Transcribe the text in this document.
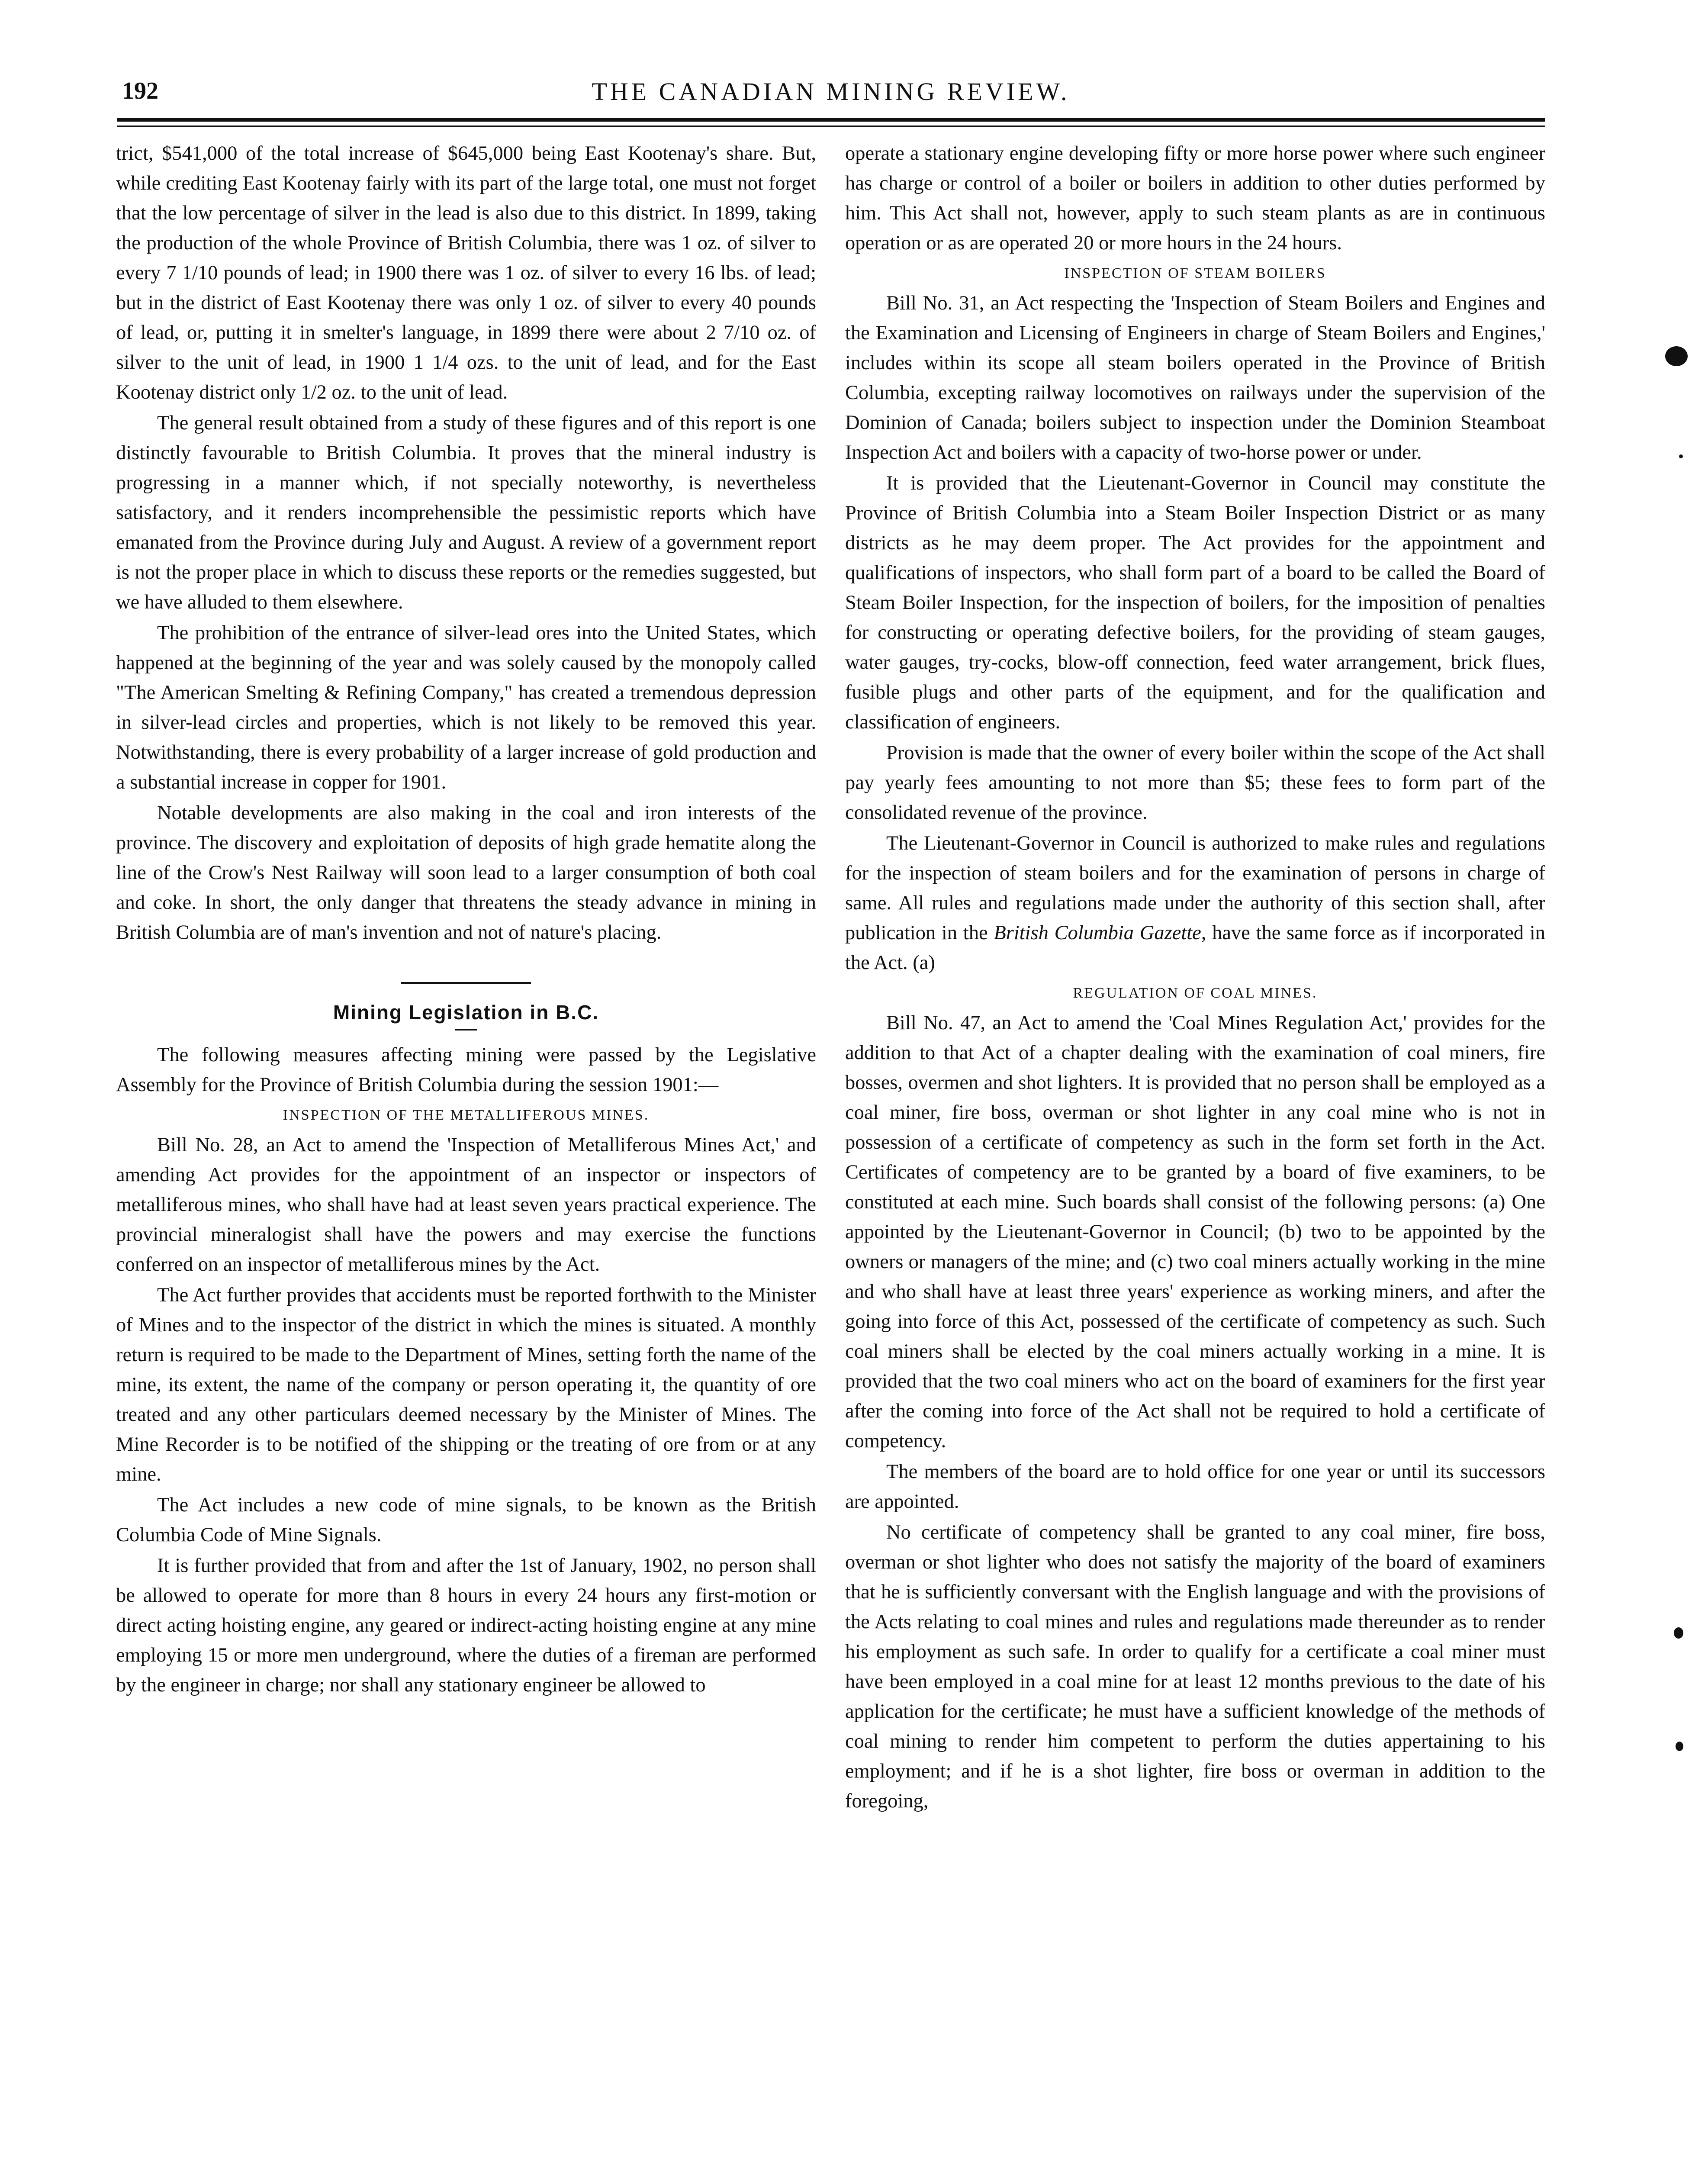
192	THE CANADIAN MINING REVIEW.

trict, $541,000 of the total increase of $645,000 being East Kootenay's share. But, while crediting East Kootenay fairly with its part of the large total, one must not forget that the low percentage of silver in the lead is also due to this district. In 1899, taking the production of the whole Province of British Columbia, there was 1 oz. of silver to every 7 1/10 pounds of lead; in 1900 there was 1 oz. of silver to every 16 lbs. of lead; but in the district of East Kootenay there was only 1 oz. of silver to every 40 pounds of lead, or, putting it in smelter's language, in 1899 there were about 2 7/10 oz. of silver to the unit of lead, in 1900 1 1/4 ozs. to the unit of lead, and for the East Kootenay district only 1/2 oz. to the unit of lead.

The general result obtained from a study of these figures and of this report is one distinctly favourable to British Columbia. It proves that the mineral industry is progressing in a manner which, if not specially noteworthy, is nevertheless satisfactory, and it renders incomprehensible the pessimistic reports which have emanated from the Province during July and August. A review of a government report is not the proper place in which to discuss these reports or the remedies suggested, but we have alluded to them elsewhere.

The prohibition of the entrance of silver-lead ores into the United States, which happened at the beginning of the year and was solely caused by the monopoly called "The American Smelting & Refining Company," has created a tremendous depression in silver-lead circles and properties, which is not likely to be removed this year. Notwithstanding, there is every probability of a larger increase of gold production and a substantial increase in copper for 1901.

Notable developments are also making in the coal and iron interests of the province. The discovery and exploitation of deposits of high grade hematite along the line of the Crow's Nest Railway will soon lead to a larger consumption of both coal and coke. In short, the only danger that threatens the steady advance in mining in British Columbia are of man's invention and not of nature's placing.

Mining Legislation in B.C.

The following measures affecting mining were passed by the Legislative Assembly for the Province of British Columbia during the session 1901:—

INSPECTION OF THE METALLIFEROUS MINES.

Bill No. 28, an Act to amend the 'Inspection of Metalliferous Mines Act,' and amending Act provides for the appointment of an inspector or inspectors of metalliferous mines, who shall have had at least seven years practical experience. The provincial mineralogist shall have the powers and may exercise the functions conferred on an inspector of metalliferous mines by the Act.

The Act further provides that accidents must be reported forthwith to the Minister of Mines and to the inspector of the district in which the mines is situated. A monthly return is required to be made to the Department of Mines, setting forth the name of the mine, its extent, the name of the company or person operating it, the quantity of ore treated and any other particulars deemed necessary by the Minister of Mines. The Mine Recorder is to be notified of the shipping or the treating of ore from or at any mine.

The Act includes a new code of mine signals, to be known as the British Columbia Code of Mine Signals.

It is further provided that from and after the 1st of January, 1902, no person shall be allowed to operate for more than 8 hours in every 24 hours any first-motion or direct acting hoisting engine, any geared or indirect-acting hoisting engine at any mine employing 15 or more men underground, where the duties of a fireman are performed by the engineer in charge; nor shall any stationary engineer be allowed to

operate a stationary engine developing fifty or more horse power where such engineer has charge or control of a boiler or boilers in addition to other duties performed by him. This Act shall not, however, apply to such steam plants as are in continuous operation or as are operated 20 or more hours in the 24 hours.

INSPECTION OF STEAM BOILERS

Bill No. 31, an Act respecting the 'Inspection of Steam Boilers and Engines and the Examination and Licensing of Engineers in charge of Steam Boilers and Engines,' includes within its scope all steam boilers operated in the Province of British Columbia, excepting railway locomotives on railways under the supervision of the Dominion of Canada; boilers subject to inspection under the Dominion Steamboat Inspection Act and boilers with a capacity of two-horse power or under.

It is provided that the Lieutenant-Governor in Council may constitute the Province of British Columbia into a Steam Boiler Inspection District or as many districts as he may deem proper. The Act provides for the appointment and qualifications of inspectors, who shall form part of a board to be called the Board of Steam Boiler Inspection, for the inspection of boilers, for the imposition of penalties for constructing or operating defective boilers, for the providing of steam gauges, water gauges, try-cocks, blow-off connection, feed water arrangement, brick flues, fusible plugs and other parts of the equipment, and for the qualification and classification of engineers.

Provision is made that the owner of every boiler within the scope of the Act shall pay yearly fees amounting to not more than $5; these fees to form part of the consolidated revenue of the province.

The Lieutenant-Governor in Council is authorized to make rules and regulations for the inspection of steam boilers and for the examination of persons in charge of same. All rules and regulations made under the authority of this section shall, after publication in the British Columbia Gazette, have the same force as if incorporated in the Act. (a)

REGULATION OF COAL MINES.

Bill No. 47, an Act to amend the 'Coal Mines Regulation Act,' provides for the addition to that Act of a chapter dealing with the examination of coal miners, fire bosses, overmen and shot lighters. It is provided that no person shall be employed as a coal miner, fire boss, overman or shot lighter in any coal mine who is not in possession of a certificate of competency as such in the form set forth in the Act. Certificates of competency are to be granted by a board of five examiners, to be constituted at each mine. Such boards shall consist of the following persons: (a) One appointed by the Lieutenant-Governor in Council; (b) two to be appointed by the owners or managers of the mine; and (c) two coal miners actually working in the mine and who shall have at least three years' experience as working miners, and after the going into force of this Act, possessed of the certificate of competency as such. Such coal miners shall be elected by the coal miners actually working in a mine. It is provided that the two coal miners who act on the board of examiners for the first year after the coming into force of the Act shall not be required to hold a certificate of competency.

The members of the board are to hold office for one year or until its successors are appointed.

No certificate of competency shall be granted to any coal miner, fire boss, overman or shot lighter who does not satisfy the majority of the board of examiners that he is sufficiently conversant with the English language and with the provisions of the Acts relating to coal mines and rules and regulations made thereunder as to render his employment as such safe. In order to qualify for a certificate a coal miner must have been employed in a coal mine for at least 12 months previous to the date of his application for the certificate; he must have a sufficient knowledge of the methods of coal mining to render him competent to perform the duties appertaining to his employment; and if he is a shot lighter, fire boss or overman in addition to the foregoing,
